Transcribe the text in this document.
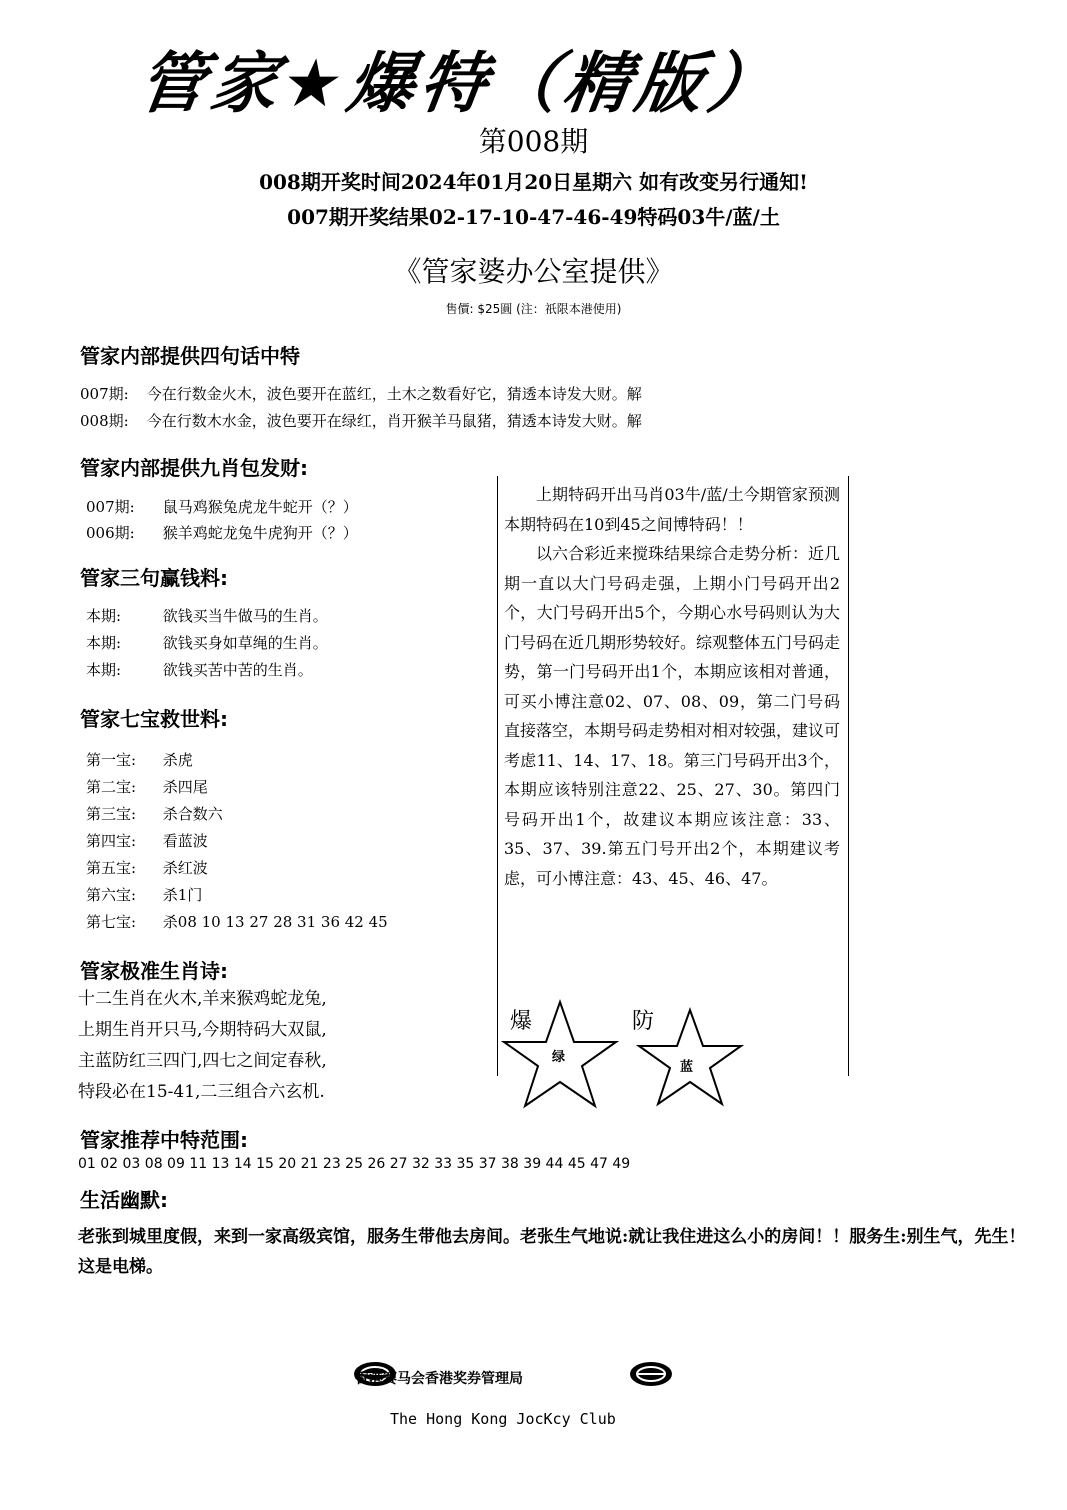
管家★爆特（精版）
第008期
008期开奖时间2024年01月20日星期六 如有改变另行通知!
007期开奖结果02-17-10-47-46-49特码03牛/蓝/土
《管家婆办公室提供》
售價: $25圓 (注：祇限本港使用)
管家内部提供四句话中特
007期: 今在行数金火木，波色要开在蓝红，土木之数看好它，猜透本诗发大财。解
008期: 今在行数木水金，波色要开在绿红，肖开猴羊马鼠猪，猜透本诗发大财。解
管家内部提供九肖包发财:
007期: 鼠马鸡猴兔虎龙牛蛇开（？）
006期: 猴羊鸡蛇龙兔牛虎狗开（？）
管家三句赢钱料:
本期:	欲钱买当牛做马的生肖。
本期:	欲钱买身如草绳的生肖。
本期:	欲钱买苦中苦的生肖。
管家七宝救世料:
第一宝: 杀虎
第二宝: 杀四尾
第三宝: 杀合数六
第四宝: 看蓝波
第五宝: 杀红波
第六宝: 杀1门
第七宝: 杀08 10 13 27 28 31 36 42 45
管家极准生肖诗:
十二生肖在火木,羊来猴鸡蛇龙兔,
上期生肖开只马,今期特码大双鼠,
主蓝防红三四门,四七之间定春秋,
特段必在15-41,二三组合六玄机.

上期特码开出马肖03牛/蓝/土今期管家预测本期特码在10到45之间博特码！！

以六合彩近来搅珠结果综合走势分析：近几期一直以大门号码走强，上期小门号码开出2个，大门号码开出5个，今期心水号码则认为大门号码在近几期形势较好。综观整体五门号码走势，第一门号码开出1个，本期应该相对普通，可买小博注意02、07、08、09，第二门号码直接落空，本期号码走势相对相对较强，建议可考虑11、14、17、18。第三门号码开出3个，本期应该特别注意22、25、27、30。第四门号码开出1个，故建议本期应该注意：33、35、37、39.第五门号开出2个，本期建议考虑，可小博注意：43、45、46、47。

爆
绿
防
蓝
管家推荐中特范围:
01 02 03 08 09 11 13 14 15 20 21 23 25 26 27 32 33 35 37 38 39 44 45 47 49
生活幽默:
老张到城里度假，来到一家高级宾馆，服务生带他去房间。老张生气地说:就让我住进这么小的房间！！服务生:别生气，先生！这是电梯。
香港赛马会香港奖券管理局
The Hong Kong JocKcy Club
